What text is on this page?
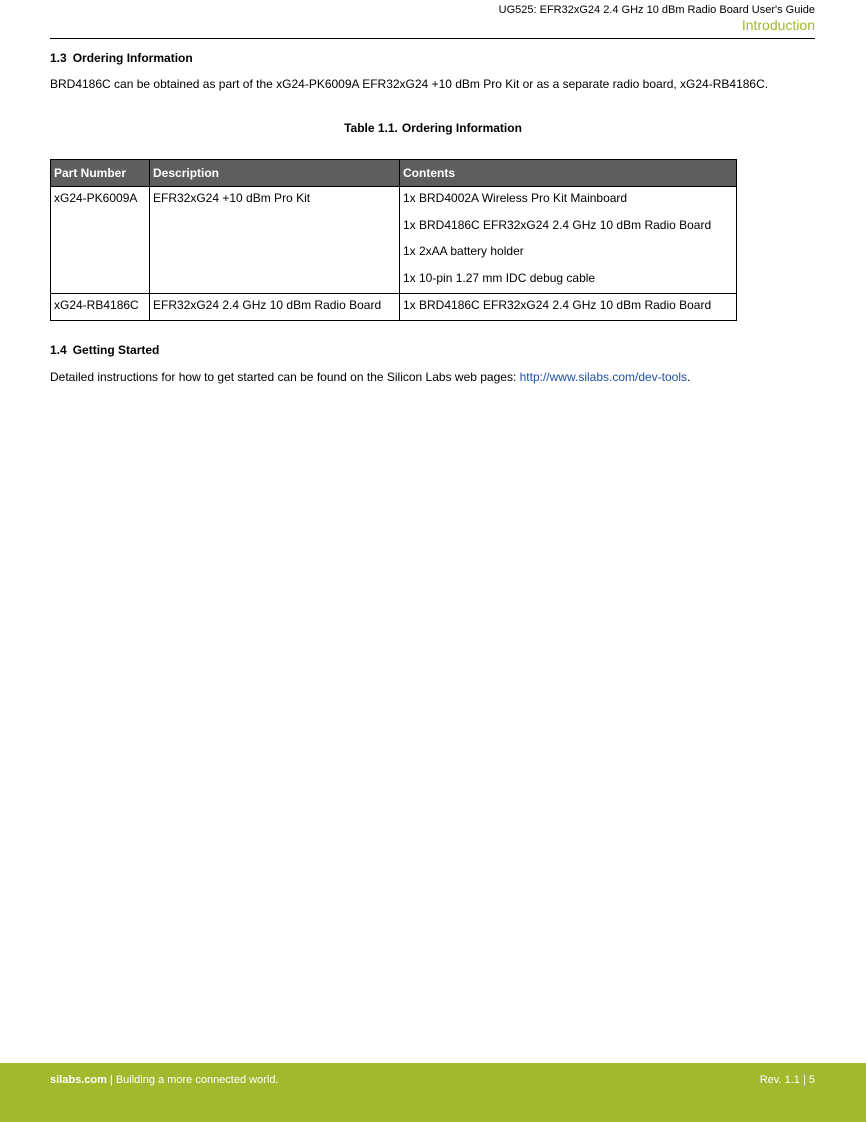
UG525: EFR32xG24 2.4 GHz 10 dBm Radio Board User's Guide
Introduction
1.3 Ordering Information

BRD4186C can be obtained as part of the xG24-PK6009A EFR32xG24 +10 dBm Pro Kit or as a separate radio board, xG24-RB4186C.

Table 1.1. Ordering Information
Part Number	Description	Contents

xG24-PK6009A	EFR32xG24 +10 dBm Pro Kit	1x BRD4002A Wireless Pro Kit Mainboard
1x BRD4186C EFR32xG24 2.4 GHz 10 dBm Radio Board
1x 2xAA battery holder
1x 10-pin 1.27 mm IDC debug cable

xG24-RB4186C	EFR32xG24 2.4 GHz 10 dBm Radio Board	1x BRD4186C EFR32xG24 2.4 GHz 10 dBm Radio Board
1.4 Getting Started

Detailed instructions for how to get started can be found on the Silicon Labs web pages: http://www.silabs.com/dev-tools.

silabs.com | Building a more connected world.	Rev. 1.1 | 5
